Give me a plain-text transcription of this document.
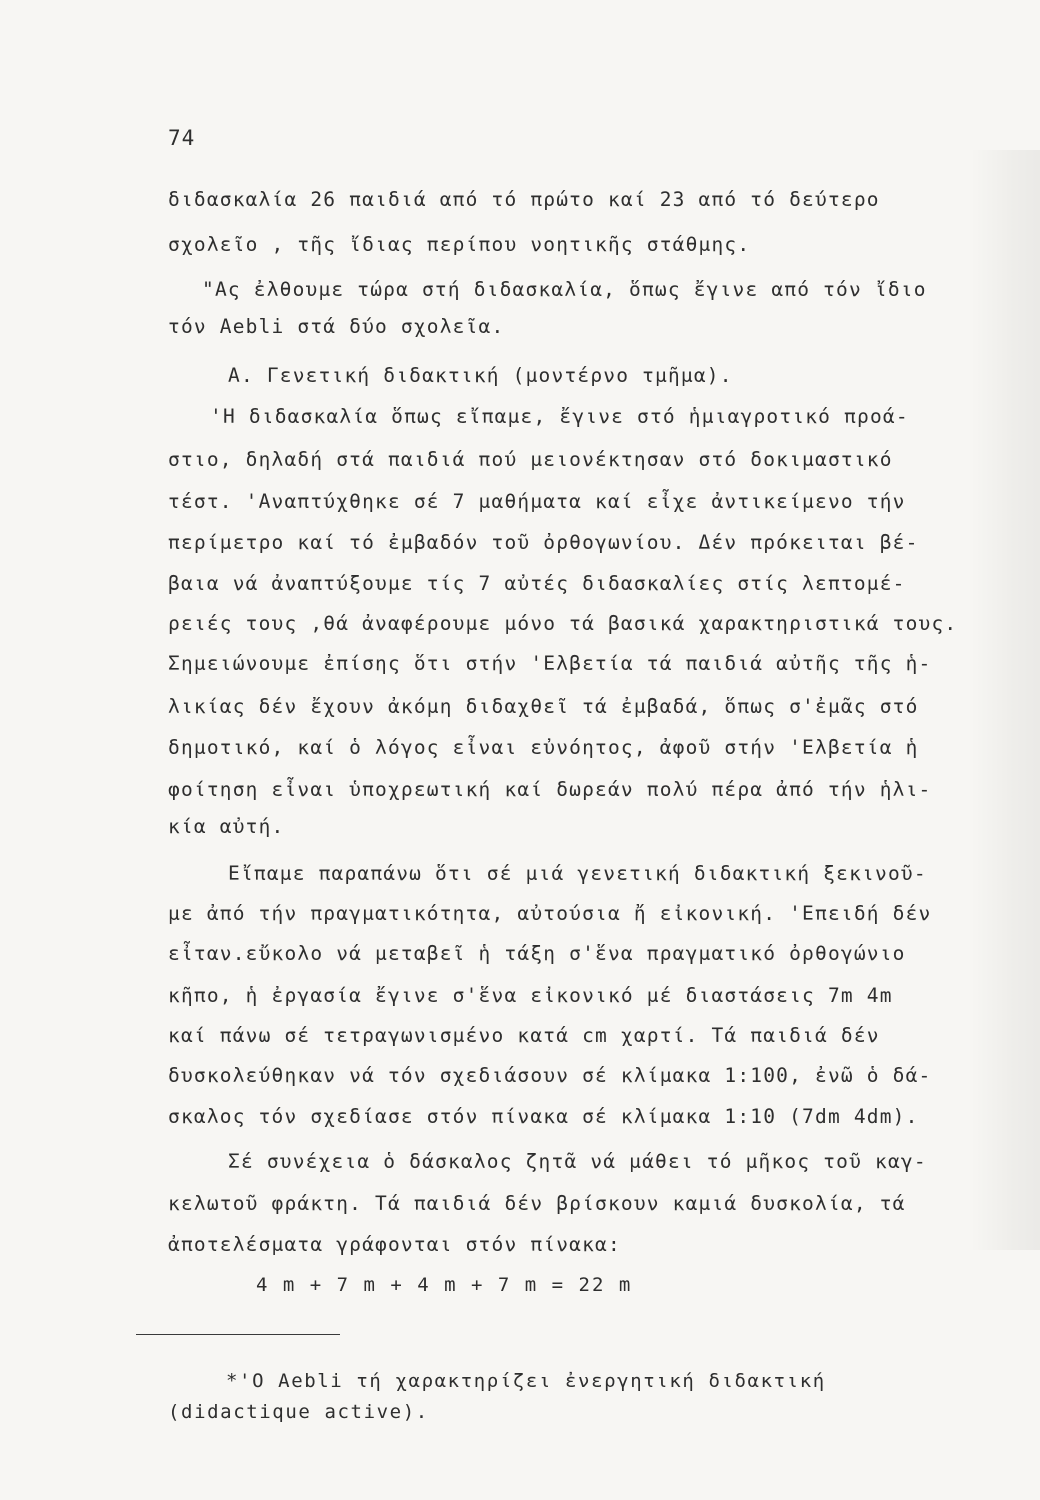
74
διδασκαλία 26 παιδιά από τό πρώτο καί 23 από τό δεύτερο
σχολεῖο , τῆς ἴδιας περίπου νοητικῆς στάθμης.
"Ας ἐλθουμε τώρα στή διδασκαλία, ὅπως ἔγινε από τόν ἴδιο
τόν Aebli στά δύο σχολεῖα.
Α. Γενετική διδακτική (μοντέρνο τμῆμα).
'Η διδασκαλία ὅπως εἴπαμε, ἔγινε στό ἡμιαγροτικό προά-
στιο, δηλαδή στά παιδιά πού μειονέκτησαν στό δοκιμαστικό
τέστ. 'Αναπτύχθηκε σέ 7 μαθήματα καί εἶχε ἀντικείμενο τήν
περίμετρο καί τό ἐμβαδόν τοῦ ὀρθογωνίου. Δέν πρόκειται βέ-
βαια νά ἀναπτύξουμε τίς 7 αὐτές διδασκαλίες στίς λεπτομέ-
ρειές τους ,θά ἀναφέρουμε μόνο τά βασικά χαρακτηριστικά τους.
Σημειώνουμε ἐπίσης ὅτι στήν 'Ελβετία τά παιδιά αὐτῆς τῆς ἡ-
λικίας δέν ἔχουν ἀκόμη διδαχθεῖ τά ἐμβαδά, ὅπως σ'ἐμᾶς στό
δημοτικό, καί ὁ λόγος εἶναι εὐνόητος, ἀφοῦ στήν 'Ελβετία ἡ
φοίτηση εἶναι ὑποχρεωτική καί δωρεάν πολύ πέρα ἀπό τήν ἡλι-
κία αὐτή.
Εἴπαμε παραπάνω ὅτι σέ μιά γενετική διδακτική ξεκινοῦ-
με ἀπό τήν πραγματικότητα, αὐτούσια ἤ εἰκονική. 'Επειδή δέν
εἶταν.εὔκολο νά μεταβεῖ ἡ τάξη σ'ἕνα πραγματικό ὀρθογώνιο
κῆπο, ἡ ἐργασία ἔγινε σ'ἕνα εἰκονικό μέ διαστάσεις 7m 4m
καί πάνω σέ τετραγωνισμένο κατά cm χαρτί. Τά παιδιά δέν
δυσκολεύθηκαν νά τόν σχεδιάσουν σέ κλίμακα 1:100, ἐνῶ ὁ δά-
σκαλος τόν σχεδίασε στόν πίνακα σέ κλίμακα 1:10 (7dm 4dm).
Σέ συνέχεια ὁ δάσκαλος ζητᾶ νά μάθει τό μῆκος τοῦ καγ-
κελωτοῦ φράκτη. Τά παιδιά δέν βρίσκουν καμιά δυσκολία, τά
ἀποτελέσματα γράφονται στόν πίνακα:
4 m + 7 m + 4 m + 7 m = 22 m
*'O Aebli τή χαρακτηρίζει ἐνεργητική διδακτική
(didactique active).
